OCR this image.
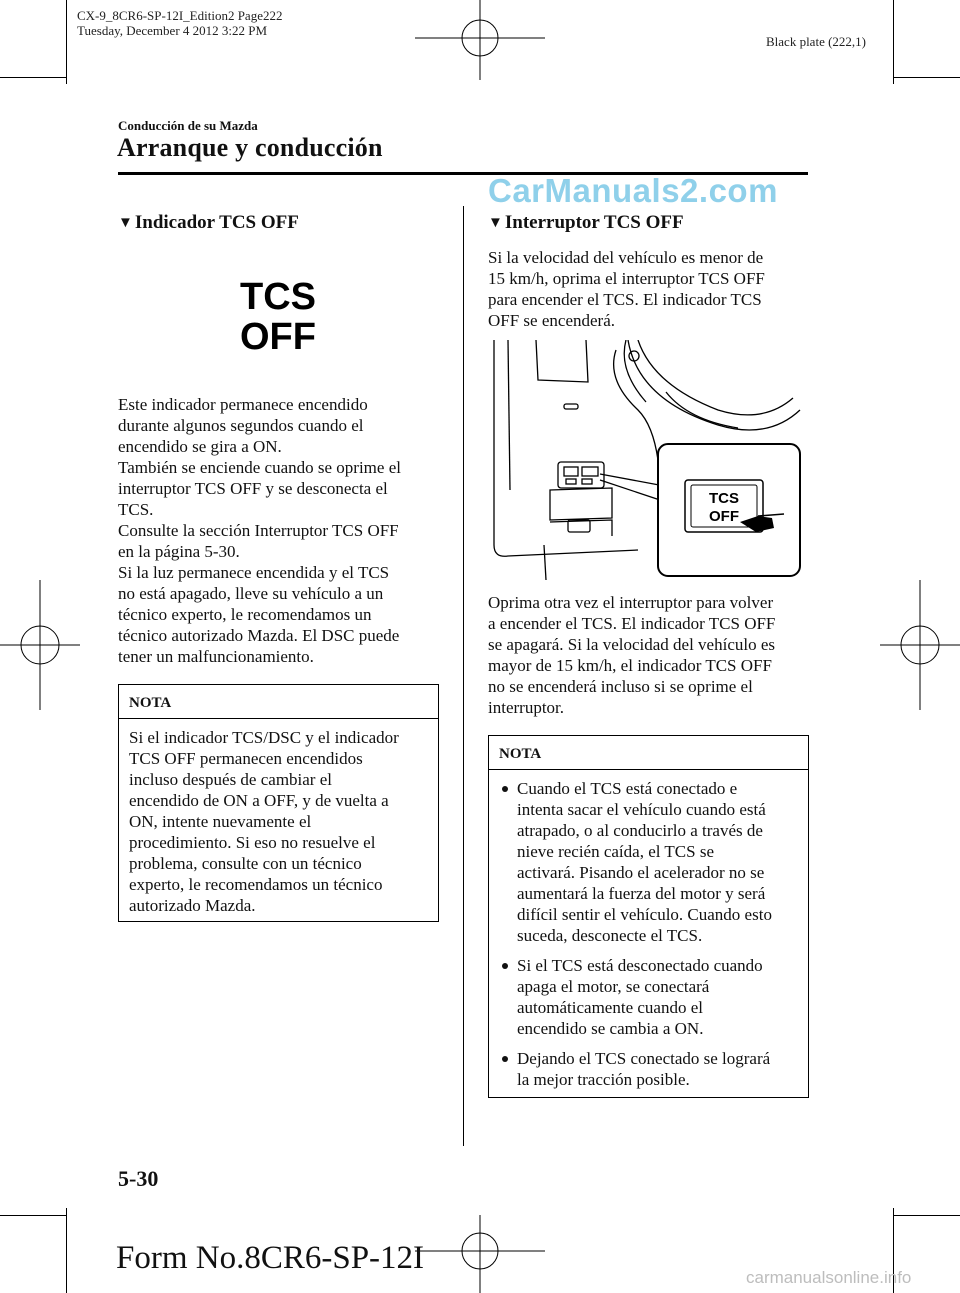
CX-9_8CR6-SP-12I_Edition2 Page222
Tuesday, December 4 2012 3:22 PM
Black plate (222,1)
Conducción de su Mazda
Arranque y conducción
CarManuals2.com
▼ Indicador TCS OFF
TCS
OFF
Este indicador permanece encendido
durante algunos segundos cuando el
encendido se gira a ON.
También se enciende cuando se oprime el
interruptor TCS OFF y se desconecta el
TCS.
Consulte la sección Interruptor TCS OFF
en la página 5-30.
Si la luz permanece encendida y el TCS
no está apagado, lleve su vehículo a un
técnico experto, le recomendamos un
técnico autorizado Mazda. El DSC puede
tener un malfuncionamiento.
NOTA
Si el indicador TCS/DSC y el indicador
TCS OFF permanecen encendidos
incluso después de cambiar el
encendido de ON a OFF, y de vuelta a
ON, intente nuevamente el
procedimiento. Si eso no resuelve el
problema, consulte con un técnico
experto, le recomendamos un técnico
autorizado Mazda.
▼ Interruptor TCS OFF
Si la velocidad del vehículo es menor de
15 km/h, oprima el interruptor TCS OFF
para encender el TCS. El indicador TCS
OFF se encenderá.
TCS
OFF
Oprima otra vez el interruptor para volver
a encender el TCS. El indicador TCS OFF
se apagará. Si la velocidad del vehículo es
mayor de 15 km/h, el indicador TCS OFF
no se encenderá incluso si se oprime el
interruptor.
NOTA
Cuando el TCS está conectado e
intenta sacar el vehículo cuando está
atrapado, o al conducirlo a través de
nieve recién caída, el TCS se
activará. Pisando el acelerador no se
aumentará la fuerza del motor y será
difícil sentir el vehículo. Cuando esto
suceda, desconecte el TCS.
Si el TCS está desconectado cuando
apaga el motor, se conectará
automáticamente cuando el
encendido se cambia a ON.
Dejando el TCS conectado se logrará
la mejor tracción posible.
5-30
Form No.8CR6-SP-12I
carmanualsonline.info
